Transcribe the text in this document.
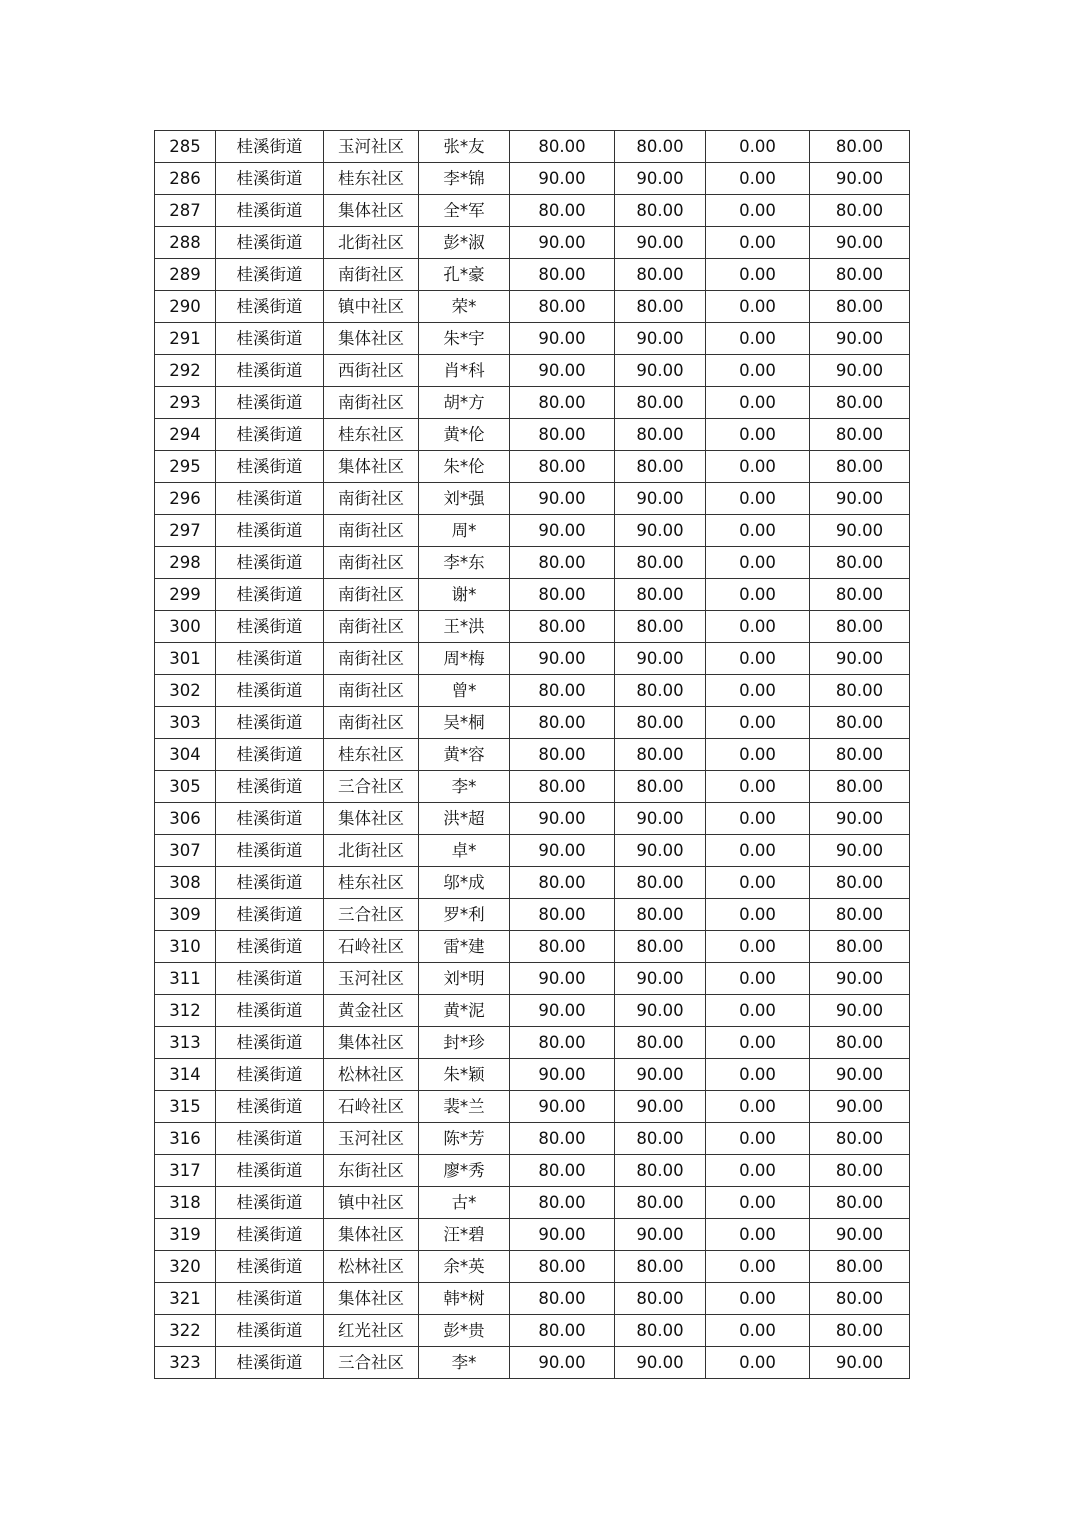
285	桂溪街道	玉河社区	张*友	80.00	80.00	0.00	80.00
286	桂溪街道	桂东社区	李*锦	90.00	90.00	0.00	90.00
287	桂溪街道	集体社区	全*军	80.00	80.00	0.00	80.00
288	桂溪街道	北街社区	彭*淑	90.00	90.00	0.00	90.00
289	桂溪街道	南街社区	孔*豪	80.00	80.00	0.00	80.00
290	桂溪街道	镇中社区	荣*	80.00	80.00	0.00	80.00
291	桂溪街道	集体社区	朱*宇	90.00	90.00	0.00	90.00
292	桂溪街道	西街社区	肖*科	90.00	90.00	0.00	90.00
293	桂溪街道	南街社区	胡*方	80.00	80.00	0.00	80.00
294	桂溪街道	桂东社区	黄*伦	80.00	80.00	0.00	80.00
295	桂溪街道	集体社区	朱*伦	80.00	80.00	0.00	80.00
296	桂溪街道	南街社区	刘*强	90.00	90.00	0.00	90.00
297	桂溪街道	南街社区	周*	90.00	90.00	0.00	90.00
298	桂溪街道	南街社区	李*东	80.00	80.00	0.00	80.00
299	桂溪街道	南街社区	谢*	80.00	80.00	0.00	80.00
300	桂溪街道	南街社区	王*洪	80.00	80.00	0.00	80.00
301	桂溪街道	南街社区	周*梅	90.00	90.00	0.00	90.00
302	桂溪街道	南街社区	曾*	80.00	80.00	0.00	80.00
303	桂溪街道	南街社区	吴*桐	80.00	80.00	0.00	80.00
304	桂溪街道	桂东社区	黄*容	80.00	80.00	0.00	80.00
305	桂溪街道	三合社区	李*	80.00	80.00	0.00	80.00
306	桂溪街道	集体社区	洪*超	90.00	90.00	0.00	90.00
307	桂溪街道	北街社区	卓*	90.00	90.00	0.00	90.00
308	桂溪街道	桂东社区	邬*成	80.00	80.00	0.00	80.00
309	桂溪街道	三合社区	罗*利	80.00	80.00	0.00	80.00
310	桂溪街道	石岭社区	雷*建	80.00	80.00	0.00	80.00
311	桂溪街道	玉河社区	刘*明	90.00	90.00	0.00	90.00
312	桂溪街道	黄金社区	黄*泥	90.00	90.00	0.00	90.00
313	桂溪街道	集体社区	封*珍	80.00	80.00	0.00	80.00
314	桂溪街道	松林社区	朱*颖	90.00	90.00	0.00	90.00
315	桂溪街道	石岭社区	裴*兰	90.00	90.00	0.00	90.00
316	桂溪街道	玉河社区	陈*芳	80.00	80.00	0.00	80.00
317	桂溪街道	东街社区	廖*秀	80.00	80.00	0.00	80.00
318	桂溪街道	镇中社区	古*	80.00	80.00	0.00	80.00
319	桂溪街道	集体社区	汪*碧	90.00	90.00	0.00	90.00
320	桂溪街道	松林社区	余*英	80.00	80.00	0.00	80.00
321	桂溪街道	集体社区	韩*树	80.00	80.00	0.00	80.00
322	桂溪街道	红光社区	彭*贵	80.00	80.00	0.00	80.00
323	桂溪街道	三合社区	李*	90.00	90.00	0.00	90.00
